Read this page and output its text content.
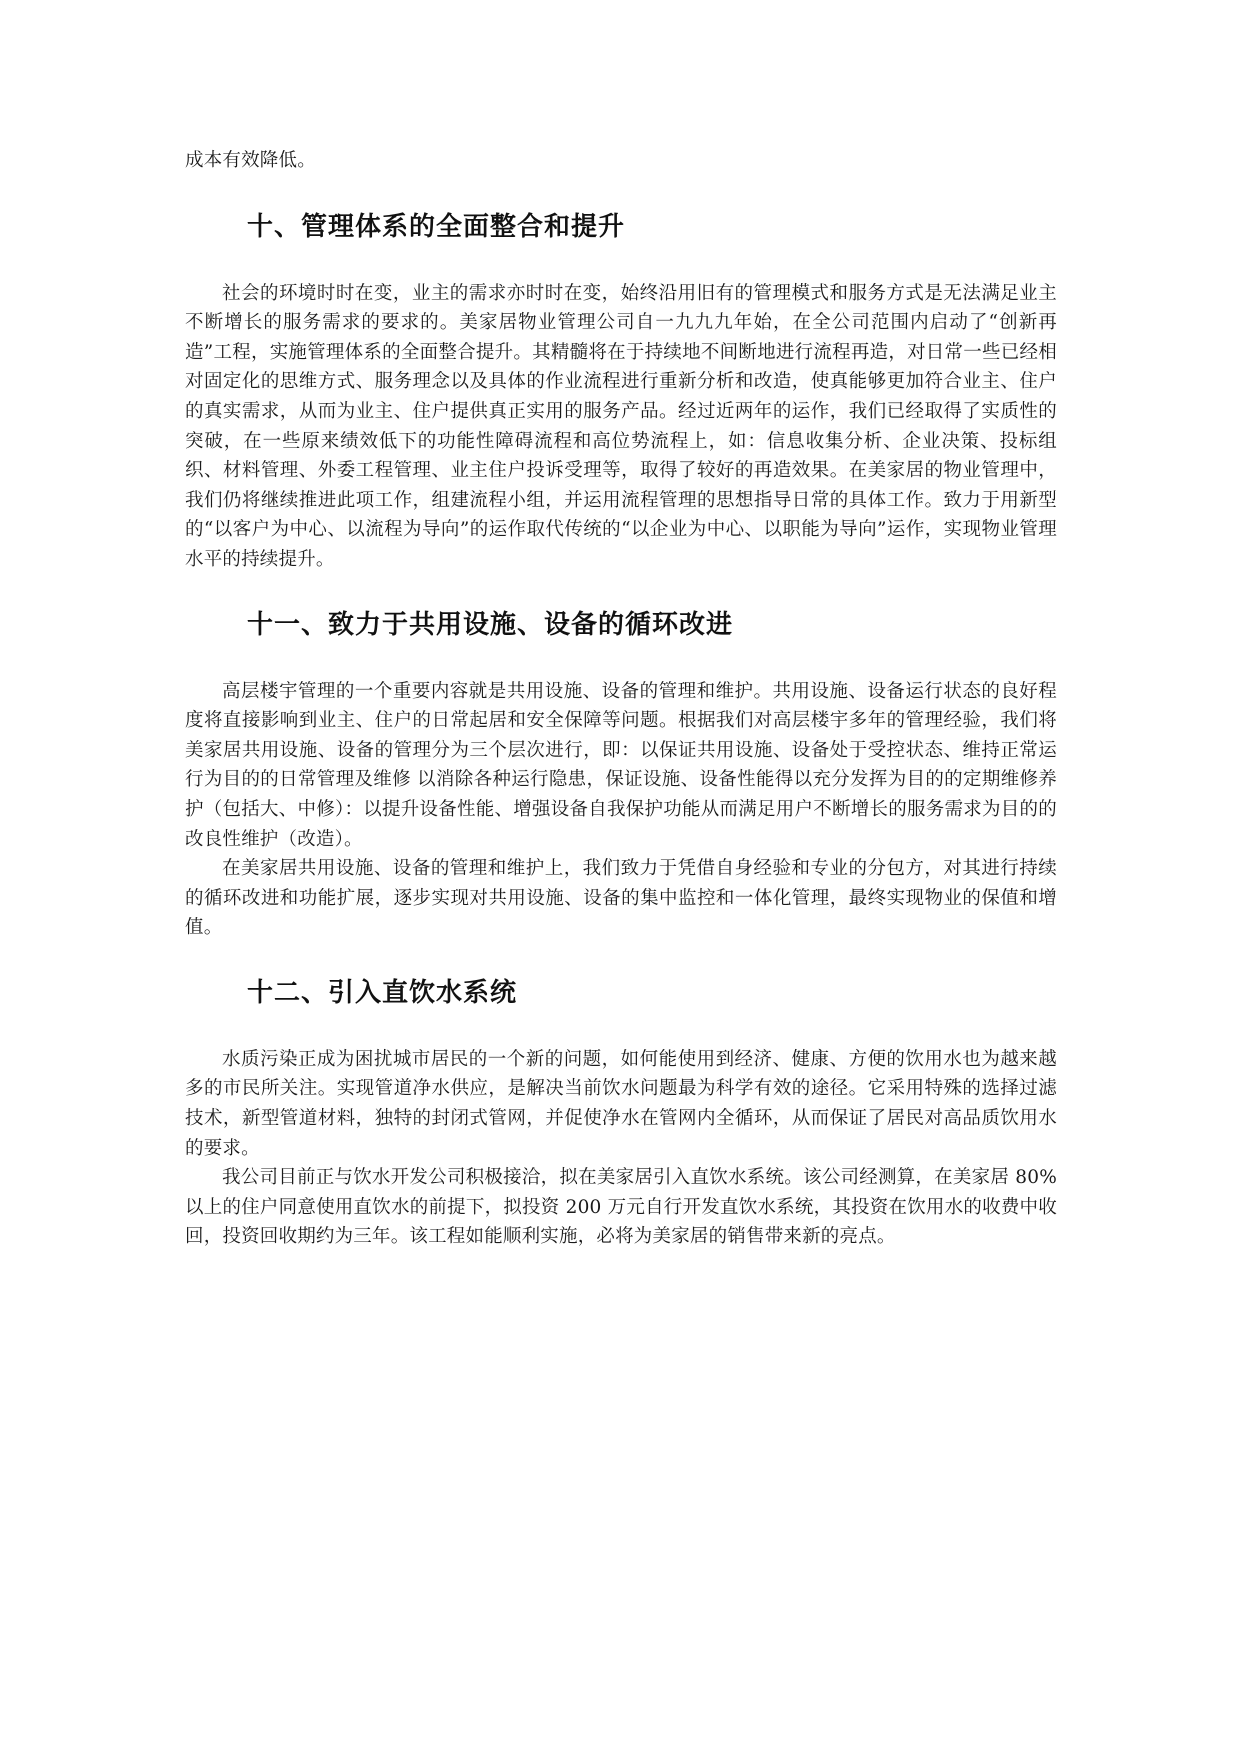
成本有效降低。

十、管理体系的全面整合和提升

社会的环境时时在变，业主的需求亦时时在变，始终沿用旧有的管理模式和服务方式是无法满足业主不断增长的服务需求的要求的。美家居物业管理公司自一九九九年始，在全公司范围内启动了“创新再造”工程，实施管理体系的全面整合提升。其精髓将在于持续地不间断地进行流程再造，对日常一些已经相对固定化的思维方式、服务理念以及具体的作业流程进行重新分析和改造，使真能够更加符合业主、住户的真实需求，从而为业主、住户提供真正实用的服务产品。经过近两年的运作，我们已经取得了实质性的突破，在一些原来绩效低下的功能性障碍流程和高位势流程上，如：信息收集分析、企业决策、投标组织、材料管理、外委工程管理、业主住户投诉受理等，取得了较好的再造效果。在美家居的物业管理中，我们仍将继续推进此项工作，组建流程小组，并运用流程管理的思想指导日常的具体工作。致力于用新型的“以客户为中心、以流程为导向”的运作取代传统的“以企业为中心、以职能为导向”运作，实现物业管理水平的持续提升。

十一、致力于共用设施、设备的循环改进

高层楼宇管理的一个重要内容就是共用设施、设备的管理和维护。共用设施、设备运行状态的良好程度将直接影响到业主、住户的日常起居和安全保障等问题。根据我们对高层楼宇多年的管理经验，我们将美家居共用设施、设备的管理分为三个层次进行，即：以保证共用设施、设备处于受控状态、维持正常运行为目的的日常管理及维修 以消除各种运行隐患，保证设施、设备性能得以充分发挥为目的的定期维修养护（包括大、中修）：以提升设备性能、增强设备自我保护功能从而满足用户不断增长的服务需求为目的的改良性维护（改造）。

在美家居共用设施、设备的管理和维护上，我们致力于凭借自身经验和专业的分包方，对其进行持续的循环改进和功能扩展，逐步实现对共用设施、设备的集中监控和一体化管理，最终实现物业的保值和增值。

十二、引入直饮水系统

水质污染正成为困扰城市居民的一个新的问题，如何能使用到经济、健康、方便的饮用水也为越来越多的市民所关注。实现管道净水供应，是解决当前饮水问题最为科学有效的途径。它采用特殊的选择过滤技术，新型管道材料，独特的封闭式管网，并促使净水在管网内全循环，从而保证了居民对高品质饮用水的要求。

我公司目前正与饮水开发公司积极接洽，拟在美家居引入直饮水系统。该公司经测算，在美家居 80%以上的住户同意使用直饮水的前提下，拟投资 200 万元自行开发直饮水系统，其投资在饮用水的收费中收回，投资回收期约为三年。该工程如能顺利实施，必将为美家居的销售带来新的亮点。
